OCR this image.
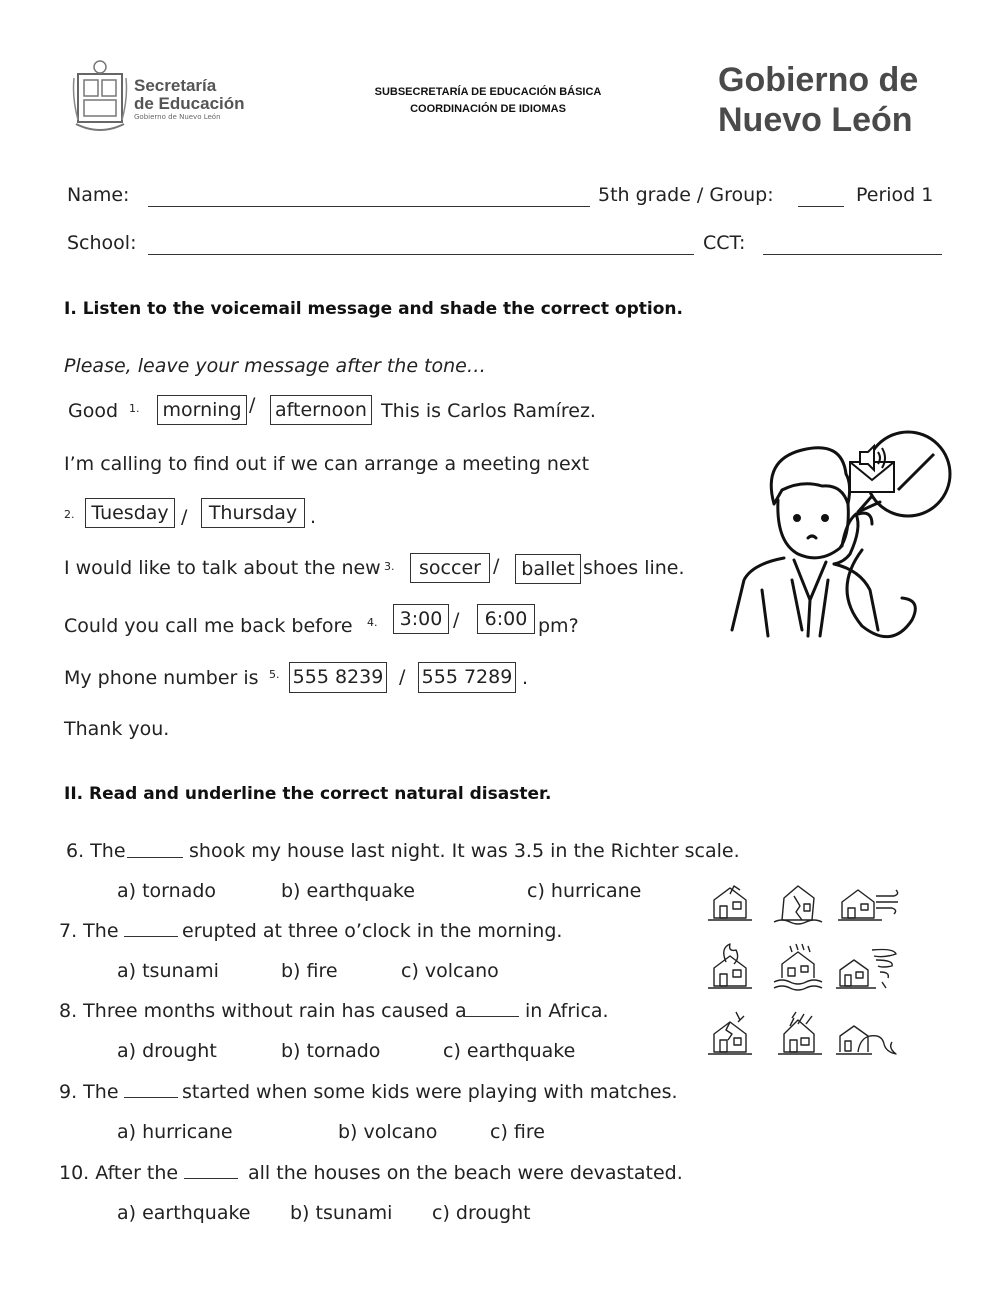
Secretaría
de Educación
Gobierno de Nuevo León
SUBSECRETARÍA DE EDUCACIÓN BÁSICA
COORDINACIÓN DE IDIOMAS
Gobierno de
Nuevo León
Name:	5th grade / Group:	Period 1
School:	CCT:
I. Listen to the voicemail message and shade the correct option.
Please, leave your message after the tone…
Good 1. morning / afternoon This is Carlos Ramírez.
I’m calling to find out if we can arrange a meeting next
2. Tuesday /	Thursday .
I would like to talk about the new 3.	soccer /	ballet shoes line.
Could you call me back before 4.	3:00 /	6:00 pm?
My phone number is 5. 555 8239 / 555 7289 .
Thank you.
II. Read and underline the correct natural disaster.
6. The	shook my house last night. It was 3.5 in the Richter scale.
a) tornado	b) earthquake	c) hurricane
7. The	erupted at three o’clock in the morning.
a) tsunami	b) fire	c) volcano
8. Three months without rain has caused a	in Africa.
a) drought	b) tornado	c) earthquake
9. The	started when some kids were playing with matches.
a) hurricane	b) volcano	c) fire
10. After the	all the houses on the beach were devastated.
a) earthquake b) tsunami c) drought
